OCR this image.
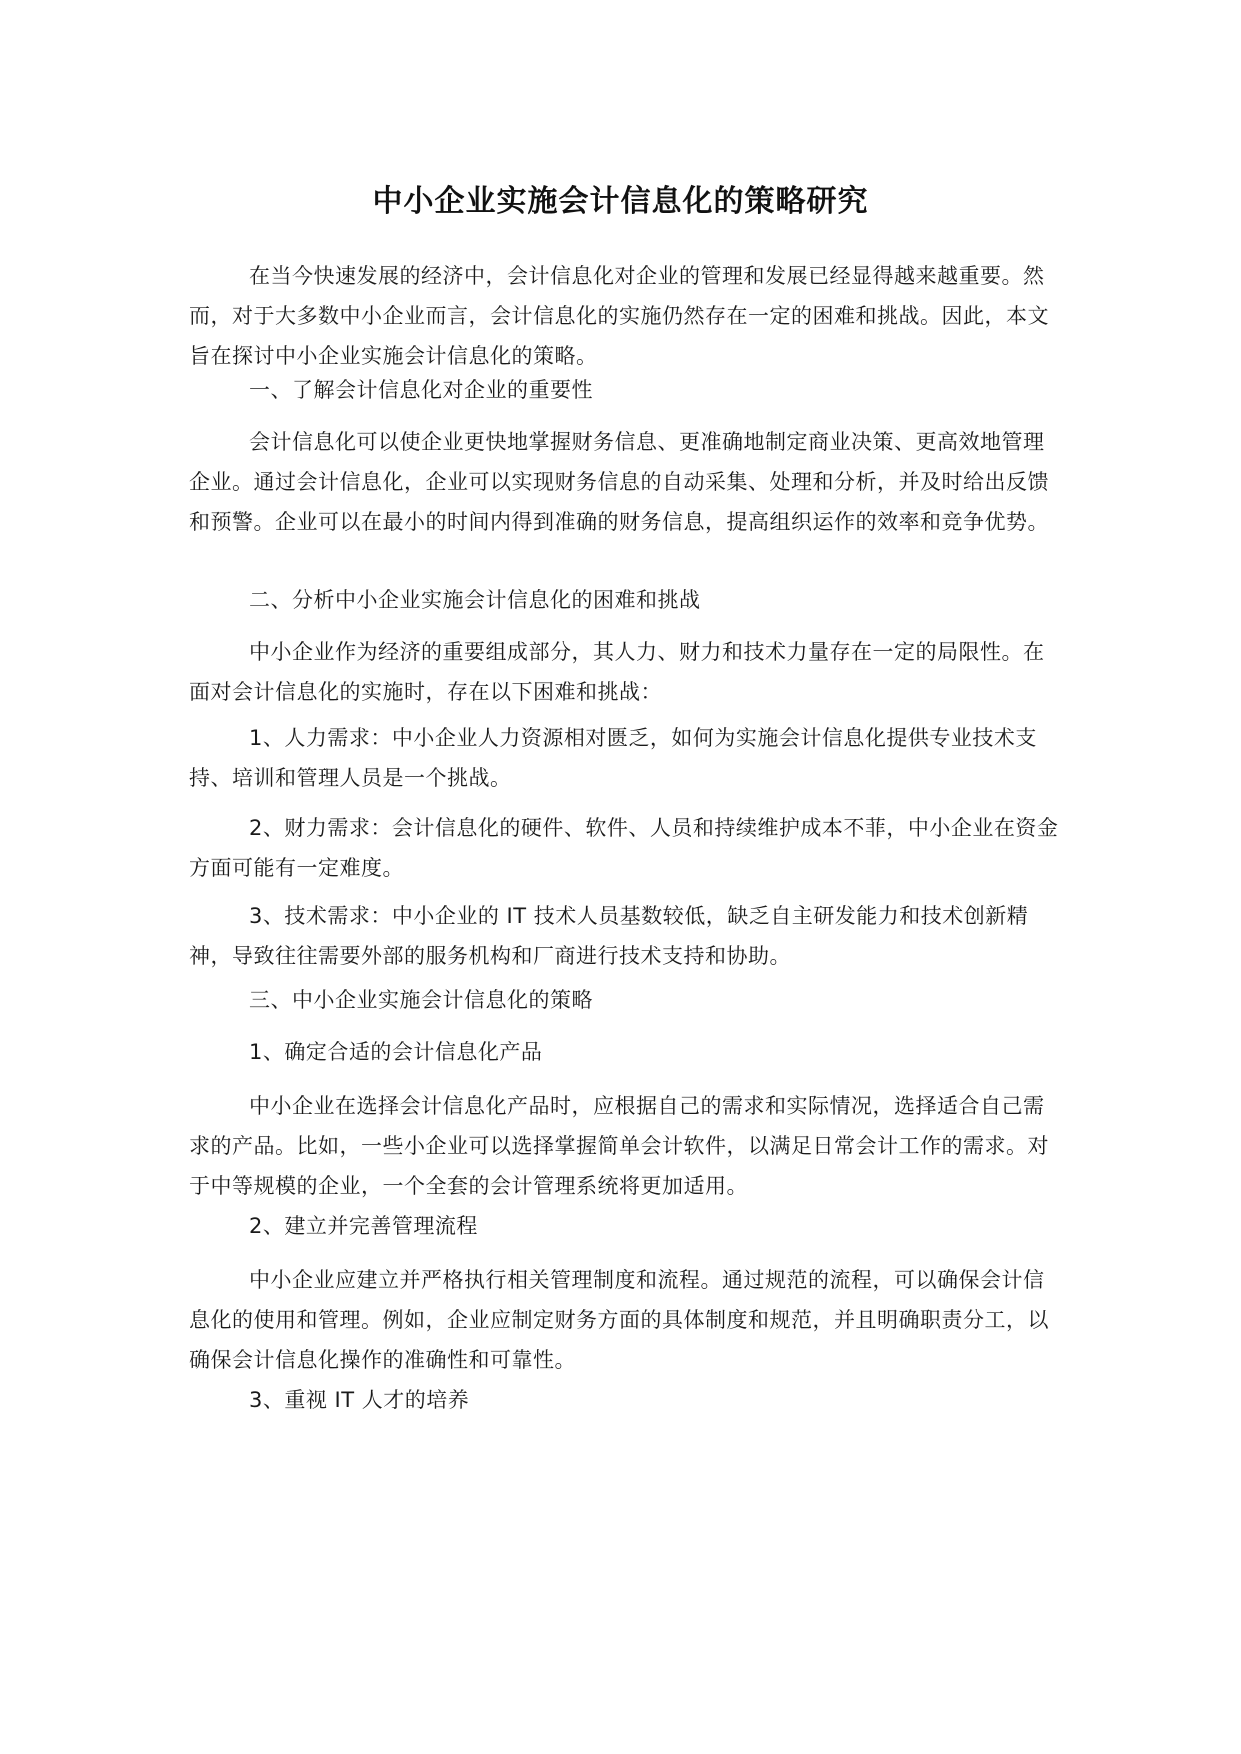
中小企业实施会计信息化的策略研究
在当今快速发展的经济中，会计信息化对企业的管理和发展已经显得越来越重要。然而，对于大多数中小企业而言，会计信息化的实施仍然存在一定的困难和挑战。因此，本文旨在探讨中小企业实施会计信息化的策略。
一、了解会计信息化对企业的重要性
会计信息化可以使企业更快地掌握财务信息、更准确地制定商业决策、更高效地管理企业。通过会计信息化，企业可以实现财务信息的自动采集、处理和分析，并及时给出反馈和预警。企业可以在最小的时间内得到准确的财务信息，提高组织运作的效率和竞争优势。
二、分析中小企业实施会计信息化的困难和挑战
中小企业作为经济的重要组成部分，其人力、财力和技术力量存在一定的局限性。在面对会计信息化的实施时，存在以下困难和挑战：
1、人力需求：中小企业人力资源相对匮乏，如何为实施会计信息化提供专业技术支持、培训和管理人员是一个挑战。
2、财力需求：会计信息化的硬件、软件、人员和持续维护成本不菲，中小企业在资金方面可能有一定难度。
3、技术需求：中小企业的 IT 技术人员基数较低，缺乏自主研发能力和技术创新精神，导致往往需要外部的服务机构和厂商进行技术支持和协助。
三、中小企业实施会计信息化的策略
1、确定合适的会计信息化产品
中小企业在选择会计信息化产品时，应根据自己的需求和实际情况，选择适合自己需求的产品。比如，一些小企业可以选择掌握简单会计软件，以满足日常会计工作的需求。对于中等规模的企业，一个全套的会计管理系统将更加适用。
2、建立并完善管理流程
中小企业应建立并严格执行相关管理制度和流程。通过规范的流程，可以确保会计信息化的使用和管理。例如，企业应制定财务方面的具体制度和规范，并且明确职责分工，以确保会计信息化操作的准确性和可靠性。
3、重视 IT 人才的培养
